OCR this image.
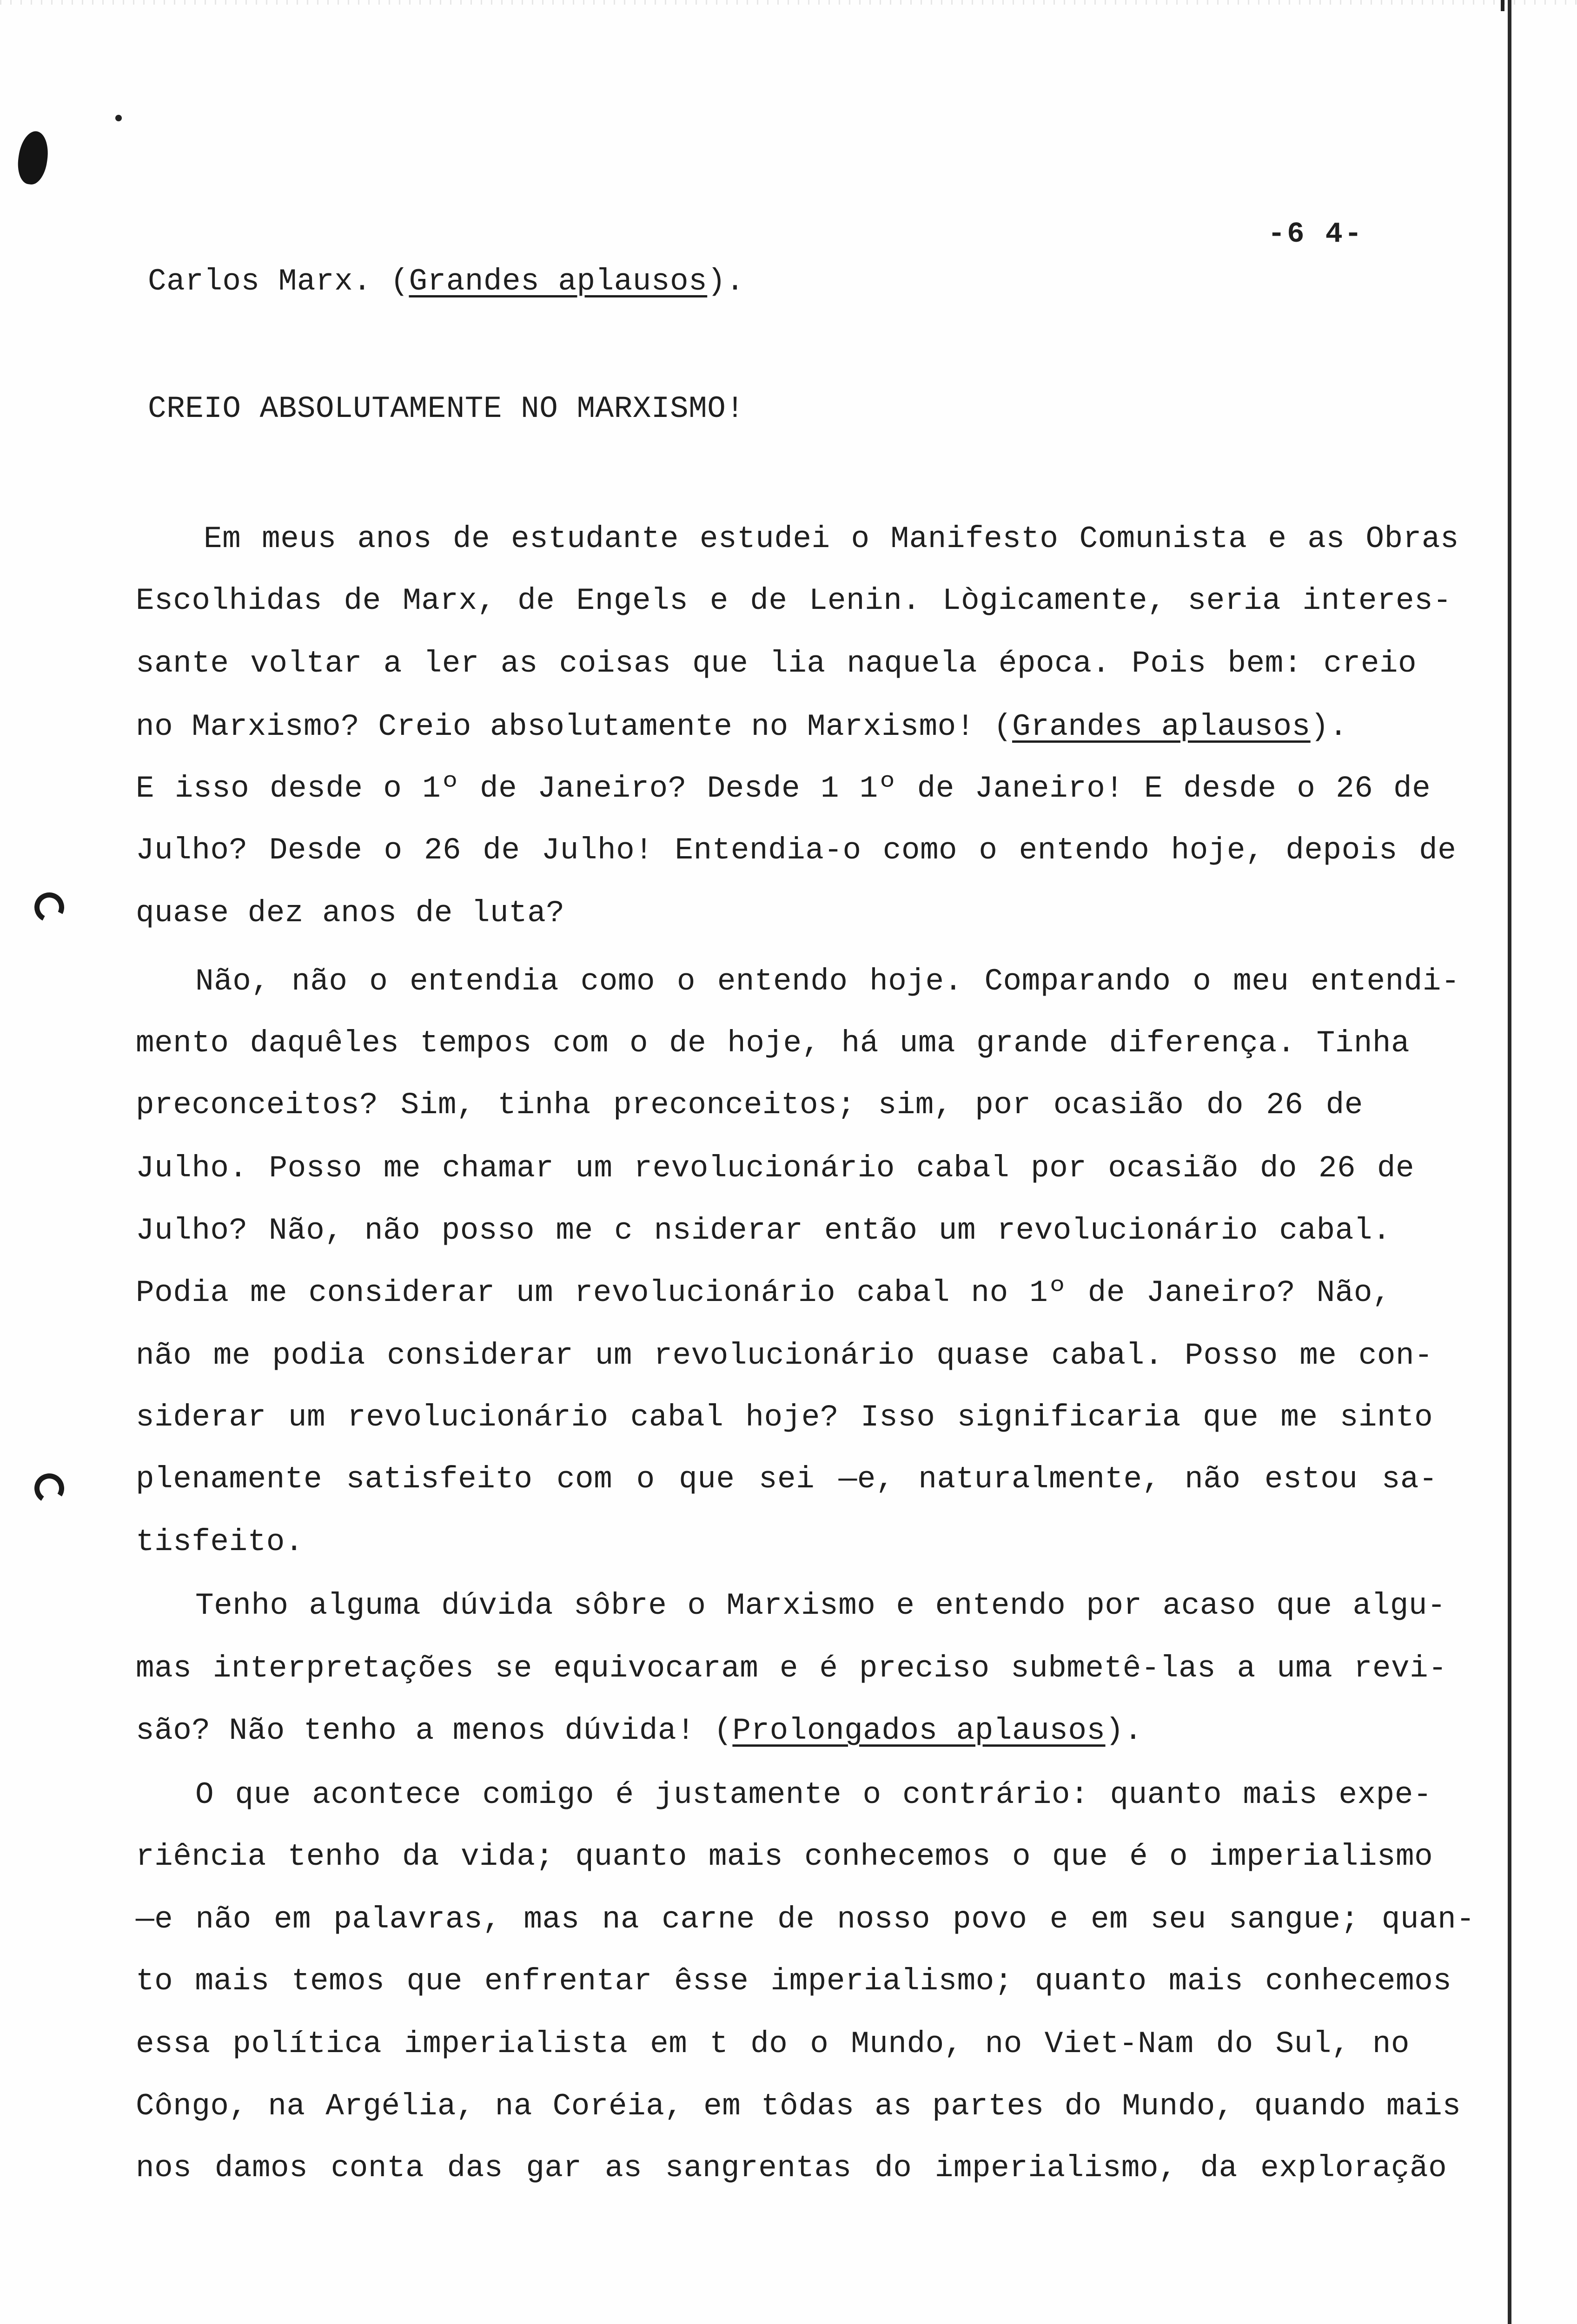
-6 4-
Carlos Marx. (Grandes aplausos).
CREIO ABSOLUTAMENTE NO MARXISMO!
Em meus anos de estudante estudei o Manifesto Comunista e as Obras
Escolhidas de Marx, de Engels e de Lenin. Lògicamente, seria interes-
sante voltar a ler as coisas que lia naquela época. Pois bem: creio
no Marxismo? Creio absolutamente no Marxismo! (Grandes aplausos).
E isso desde o 1º de Janeiro? Desde 1 1º de Janeiro! E desde o 26 de
Julho? Desde o 26 de Julho! Entendia-o como o entendo hoje, depois de
quase dez anos de luta?
Não, não o entendia como o entendo hoje. Comparando o meu entendi-
mento daquêles tempos com o de hoje, há uma grande diferença. Tinha
preconceitos? Sim, tinha preconceitos; sim, por ocasião do 26 de
Julho. Posso me chamar um revolucionário cabal por ocasião do 26 de
Julho? Não, não posso me c nsiderar então um revolucionário cabal.
Podia me considerar um revolucionário cabal no 1º de Janeiro? Não,
não me podia considerar um revolucionário quase cabal. Posso me con-
siderar um revolucionário cabal hoje? Isso significaria que me sinto
plenamente satisfeito com o que sei —e, naturalmente, não estou sa-
tisfeito.
Tenho alguma dúvida sôbre o Marxismo e entendo por acaso que algu-
mas interpretações se equivocaram e é preciso submetê-las a uma revi-
são? Não tenho a menos dúvida! (Prolongados aplausos).
O que acontece comigo é justamente o contrário: quanto mais expe-
riência tenho da vida; quanto mais conhecemos o que é o imperialismo
—e não em palavras, mas na carne de nosso povo e em seu sangue; quan-
to mais temos que enfrentar êsse imperialismo; quanto mais conhecemos
essa política imperialista em t do o Mundo, no Viet-Nam do Sul, no
Côngo, na Argélia, na Coréia, em tôdas as partes do Mundo, quando mais
nos damos conta das gar as sangrentas do imperialismo, da exploração
